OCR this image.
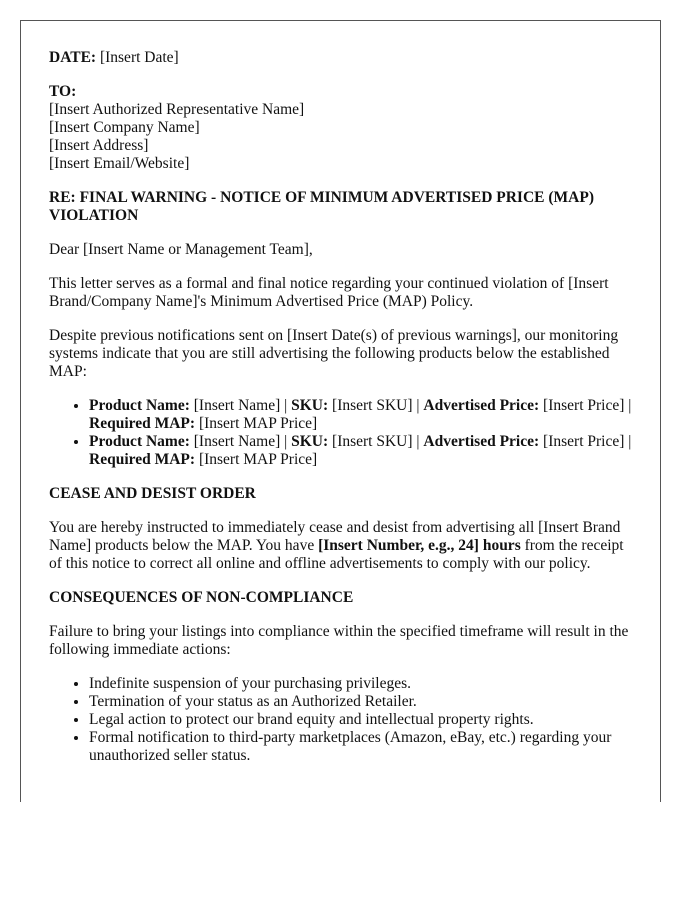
DATE: [Insert Date]

TO:
[Insert Authorized Representative Name]
[Insert Company Name]
[Insert Address]
[Insert Email/Website]

RE: FINAL WARNING - NOTICE OF MINIMUM ADVERTISED PRICE (MAP) VIOLATION

Dear [Insert Name or Management Team],

This letter serves as a formal and final notice regarding your continued violation of [Insert Brand/Company Name]'s Minimum Advertised Price (MAP) Policy.

Despite previous notifications sent on [Insert Date(s) of previous warnings], our monitoring systems indicate that you are still advertising the following products below the established MAP:

• Product Name: [Insert Name] | SKU: [Insert SKU] | Advertised Price: [Insert Price] | Required MAP: [Insert MAP Price]
• Product Name: [Insert Name] | SKU: [Insert SKU] | Advertised Price: [Insert Price] | Required MAP: [Insert MAP Price]

CEASE AND DESIST ORDER

You are hereby instructed to immediately cease and desist from advertising all [Insert Brand Name] products below the MAP. You have [Insert Number, e.g., 24] hours from the receipt of this notice to correct all online and offline advertisements to comply with our policy.

CONSEQUENCES OF NON-COMPLIANCE

Failure to bring your listings into compliance within the specified timeframe will result in the following immediate actions:

• Indefinite suspension of your purchasing privileges.
• Termination of your status as an Authorized Retailer.
• Legal action to protect our brand equity and intellectual property rights.
• Formal notification to third-party marketplaces (Amazon, eBay, etc.) regarding your unauthorized seller status.
